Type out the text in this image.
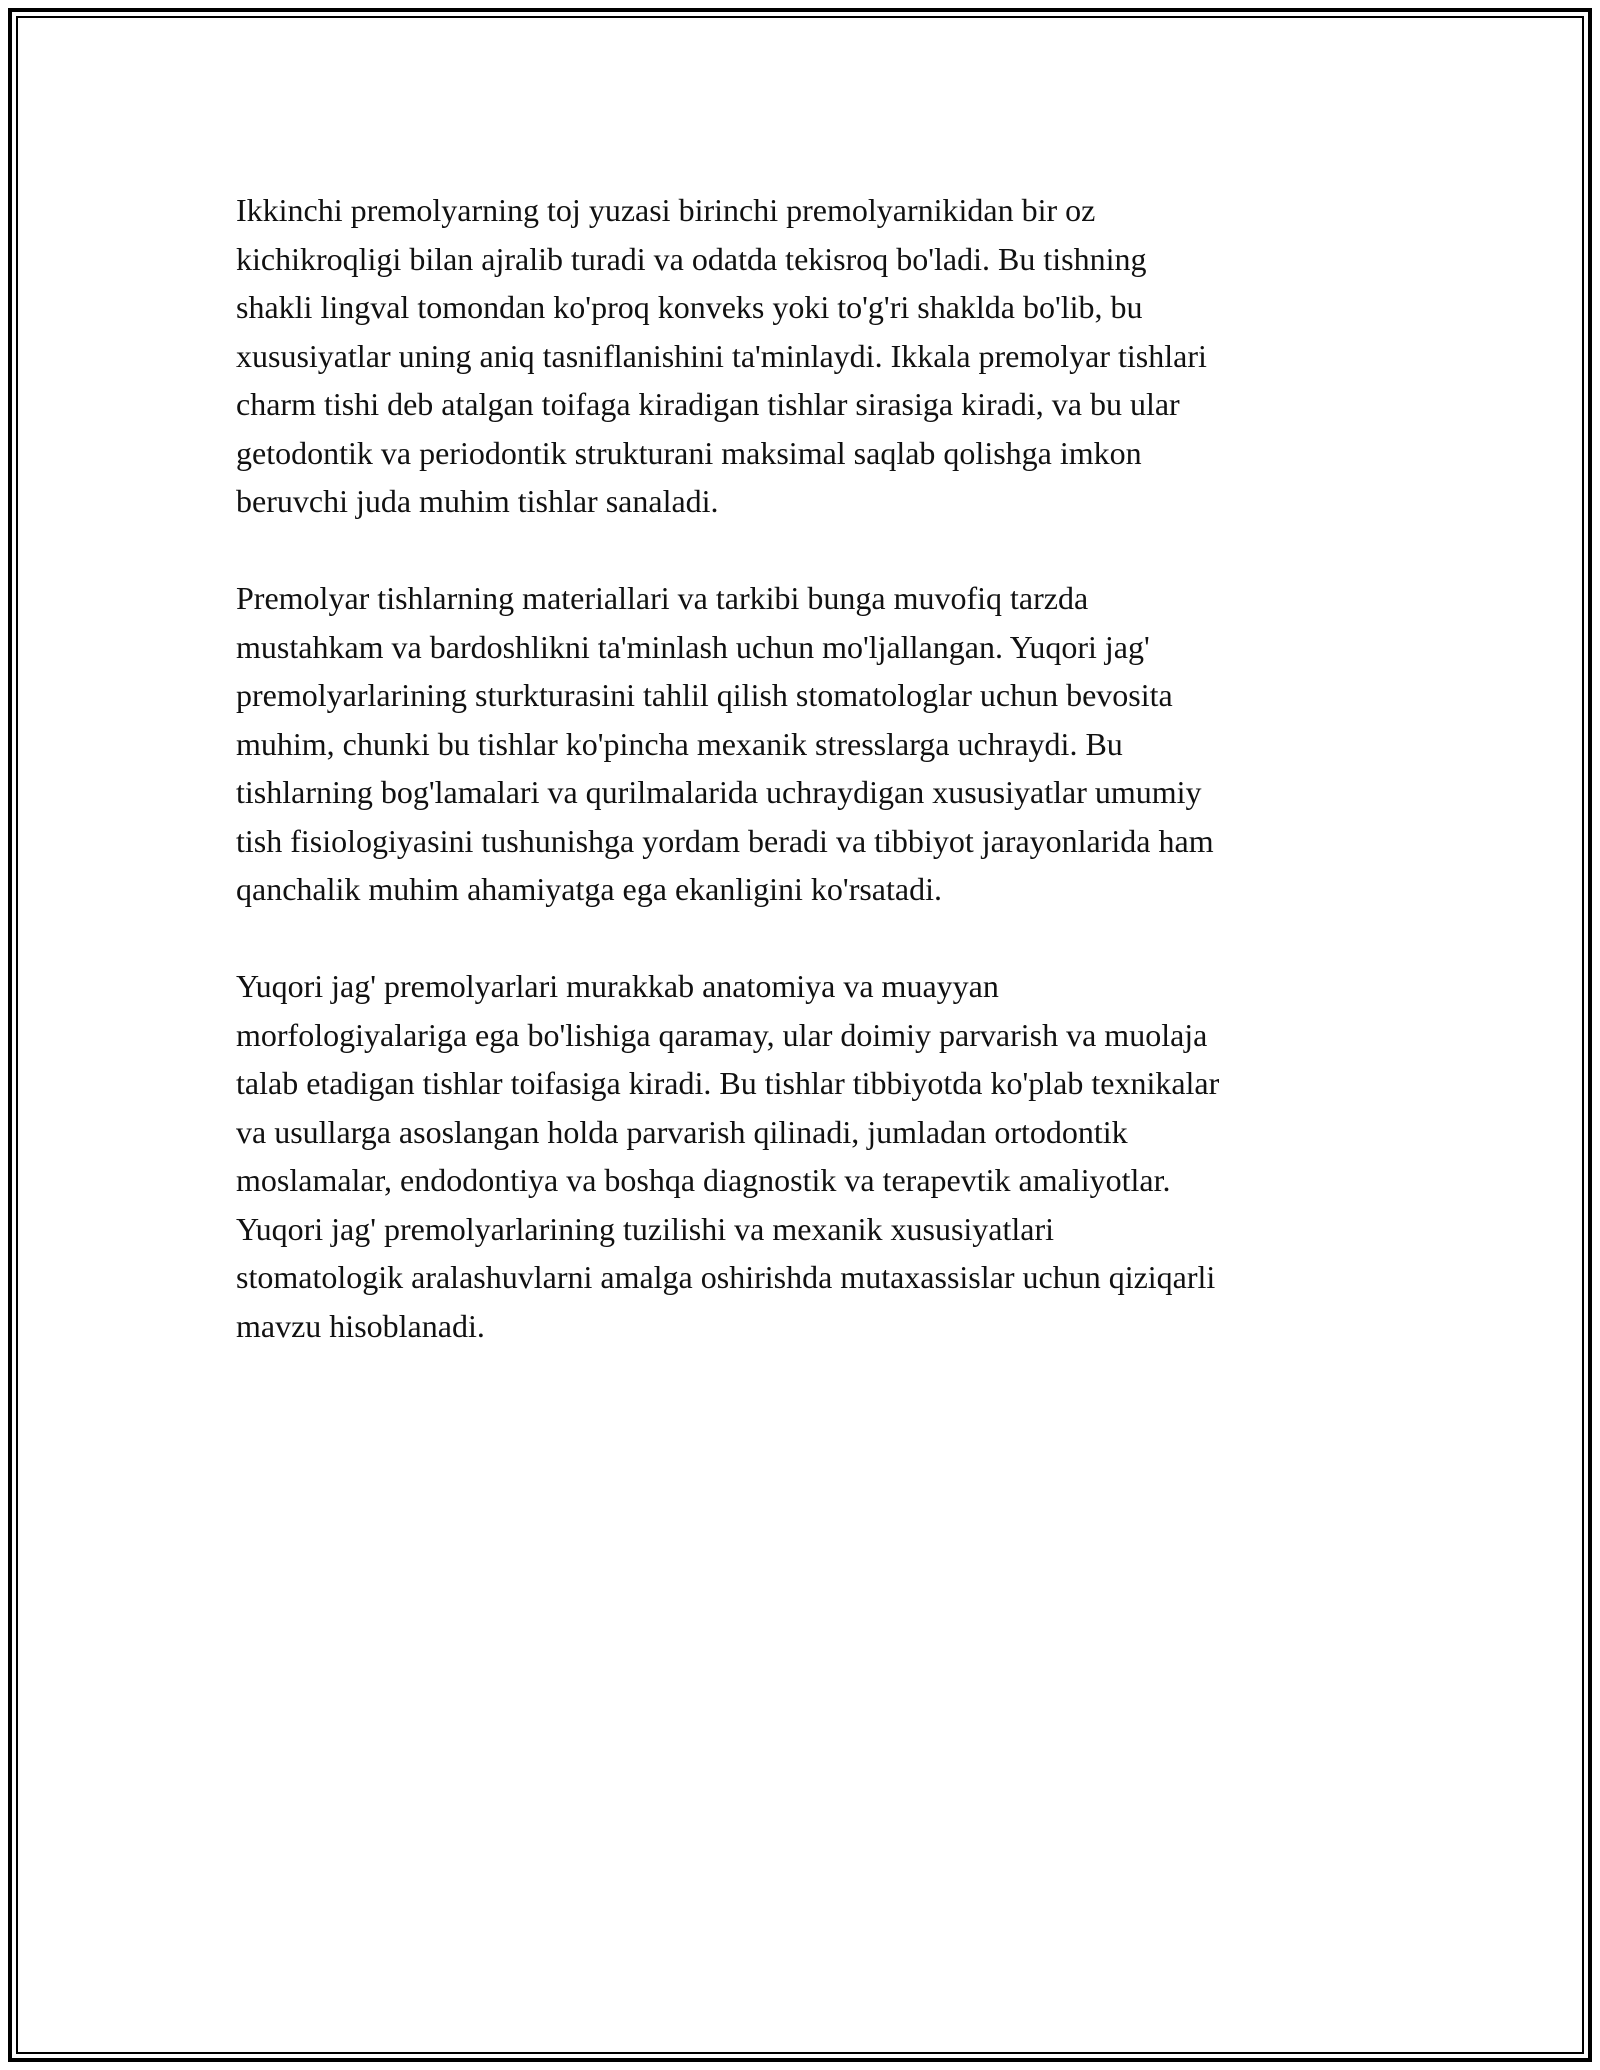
Ikkinchi premolyarning toj yuzasi birinchi premolyarnikidan bir oz
kichikroqligi bilan ajralib turadi va odatda tekisroq bo'ladi. Bu tishning
shakli lingval tomondan ko'proq konveks yoki to'g'ri shaklda bo'lib, bu
xususiyatlar uning aniq tasniflanishini ta'minlaydi. Ikkala premolyar tishlari
charm tishi deb atalgan toifaga kiradigan tishlar sirasiga kiradi, va bu ular
getodontik va periodontik strukturani maksimal saqlab qolishga imkon
beruvchi juda muhim tishlar sanaladi.

Premolyar tishlarning materiallari va tarkibi bunga muvofiq tarzda
mustahkam va bardoshlikni ta'minlash uchun mo'ljallangan. Yuqori jag'
premolyarlarining sturkturasini tahlil qilish stomatologlar uchun bevosita
muhim, chunki bu tishlar ko'pincha mexanik stresslarga uchraydi. Bu
tishlarning bog'lamalari va qurilmalarida uchraydigan xususiyatlar umumiy
tish fisiologiyasini tushunishga yordam beradi va tibbiyot jarayonlarida ham
qanchalik muhim ahamiyatga ega ekanligini ko'rsatadi.

Yuqori jag' premolyarlari murakkab anatomiya va muayyan
morfologiyalariga ega bo'lishiga qaramay, ular doimiy parvarish va muolaja
talab etadigan tishlar toifasiga kiradi. Bu tishlar tibbiyotda ko'plab texnikalar
va usullarga asoslangan holda parvarish qilinadi, jumladan ortodontik
moslamalar, endodontiya va boshqa diagnostik va terapevtik amaliyotlar.
Yuqori jag' premolyarlarining tuzilishi va mexanik xususiyatlari
stomatologik aralashuvlarni amalga oshirishda mutaxassislar uchun qiziqarli
mavzu hisoblanadi.
